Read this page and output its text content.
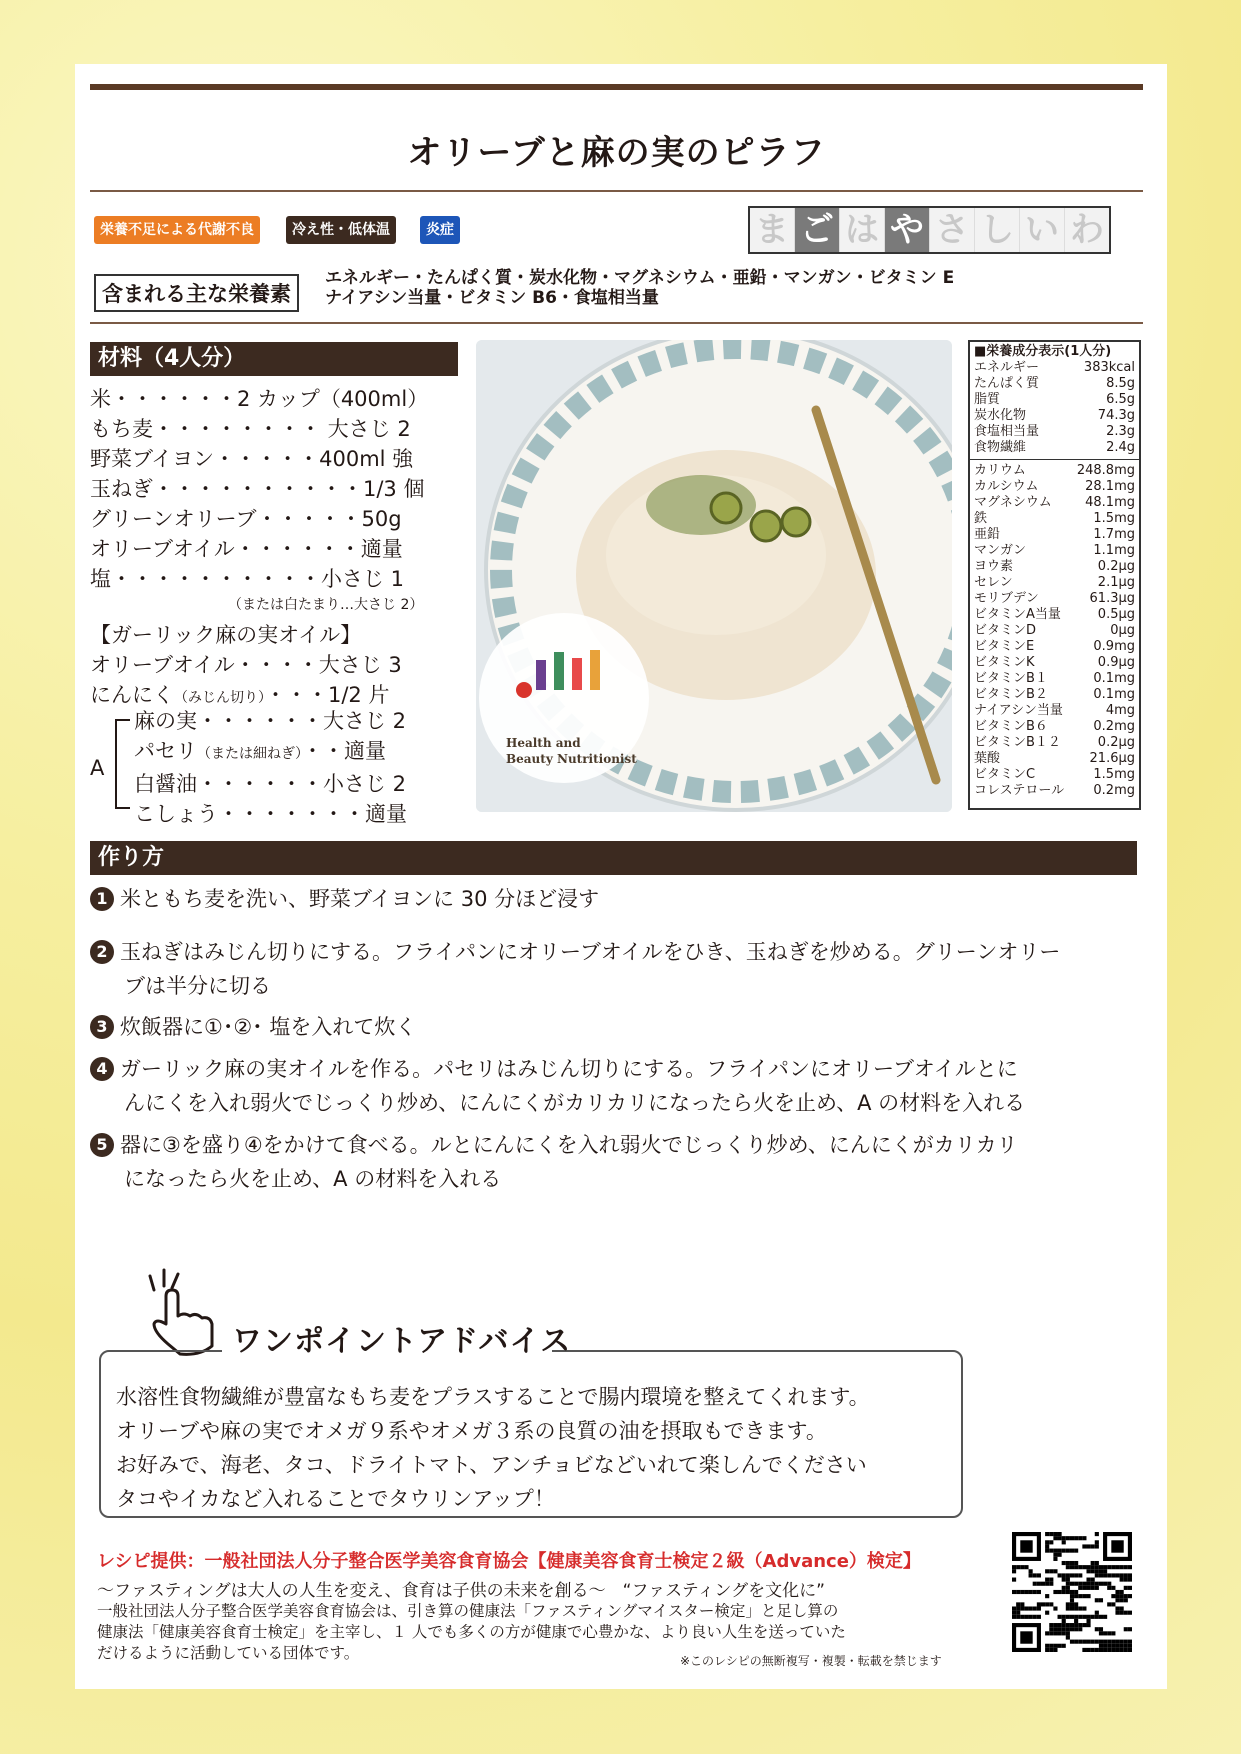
オリーブと麻の実のピラフ
栄養不足による代謝不良	冷え性・低体温	炎症	ま ご は や さ し い わ
含まれる主な栄養素
エネルギー・たんぱく質・炭水化物・マグネシウム・亜鉛・マンガン・ビタミン E
ナイアシン当量・ビタミン B6・食塩相当量
材料（4人分）
米・・・・・・2 カップ（400ml）
もち麦・・・・・・・・ 大さじ 2
野菜ブイヨン・・・・・400ml 強
玉ねぎ・・・・・・・・・・1/3 個
グリーンオリーブ・・・・・50g
オリーブオイル・・・・・・適量
塩・・・・・・・・・・小さじ 1
（または白たまり…大さじ 2）
【ガーリック麻の実オイル】
オリーブオイル・・・・大さじ 3
にんにく（みじん切り）・・・1/2 片
A
麻の実・・・・・・大さじ 2
パセリ（または細ねぎ）・・適量
白醤油・・・・・・小さじ 2
こしょう・・・・・・・適量
Health and
Beauty Nutritionist
■栄養成分表示(1人分)
エネルギー	383kcal
たんぱく質	8.5g
脂質	6.5g
炭水化物	74.3g
食塩相当量	2.3g
食物繊維	2.4g
カリウム	248.8mg
カルシウム	28.1mg
マグネシウム	48.1mg
鉄	1.5mg
亜鉛	1.7mg
マンガン	1.1mg
ヨウ素	0.2μg
セレン	2.1μg
モリブデン	61.3μg
ビタミンA当量	0.5μg
ビタミンD	0μg
ビタミンE	0.9mg
ビタミンK	0.9μg
ビタミンB１	0.1mg
ビタミンB２	0.1mg
ナイアシン当量	4mg
ビタミンB６	0.2mg
ビタミンB１２	0.2μg
葉酸	21.6μg
ビタミンC	1.5mg
コレステロール 0.2mg
作り方
1 米ともち麦を洗い、野菜ブイヨンに 30 分ほど浸す
2 玉ねぎはみじん切りにする。フライパンにオリーブオイルをひき、玉ねぎを炒める。グリーンオリー
ブは半分に切る
3 炊飯器に①･②･ 塩を入れて炊く
4 ガーリック麻の実オイルを作る。パセリはみじん切りにする。フライパンにオリーブオイルとに
んにくを入れ弱火でじっくり炒め、にんにくがカリカリになったら火を止め、A の材料を入れる
5 器に③を盛り④をかけて食べる。ルとにんにくを入れ弱火でじっくり炒め、にんにくがカリカリ
になったら火を止め、A の材料を入れる
ワンポイントアドバイス
水溶性食物繊維が豊富なもち麦をプラスすることで腸内環境を整えてくれます。
オリーブや麻の実でオメガ９系やオメガ３系の良質の油を摂取もできます。
お好みで、海老、タコ、ドライトマト、アンチョビなどいれて楽しんでください
タコやイカなど入れることでタウリンアップ！
レシピ提供：一般社団法人分子整合医学美容食育協会【健康美容食育士検定２級（Advance）検定】
～ファスティングは大人の人生を変え、食育は子供の未来を創る～　“ファスティングを文化に”
一般社団法人分子整合医学美容食育協会は、引き算の健康法「ファスティングマイスター検定」と足し算の
健康法「健康美容食育士検定」を主宰し、１ 人でも多くの方が健康で心豊かな、より良い人生を送っていた
だけるように活動している団体です。	※このレシピの無断複写・複製・転載を禁じます
